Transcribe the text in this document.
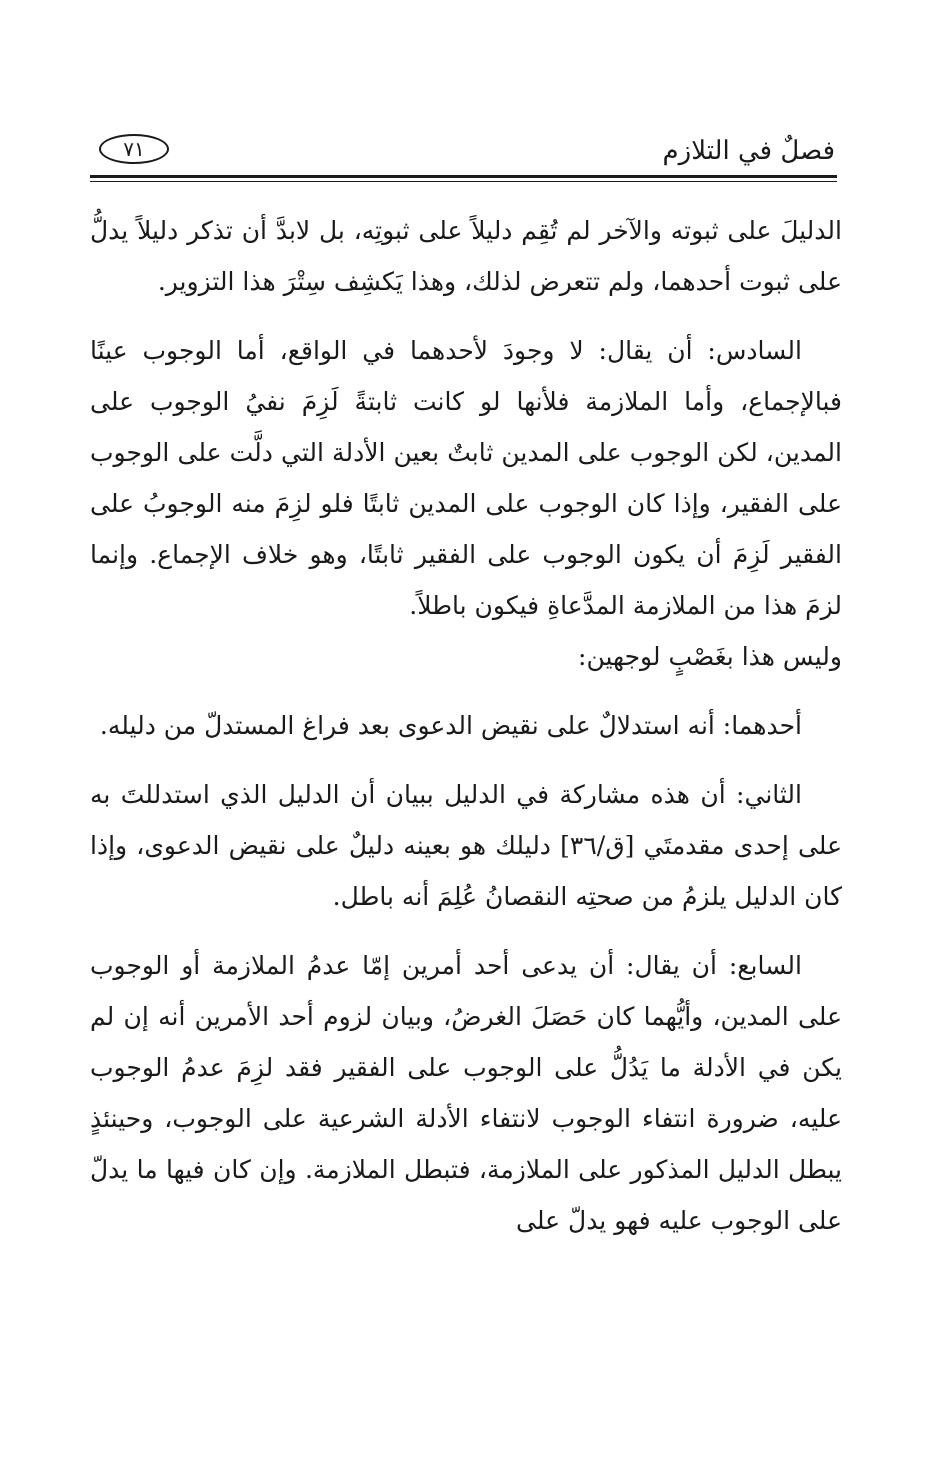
فصلٌ في التلازم
٧١

الدليلَ على ثبوته والآخر لم تُقِم دليلاً على ثبوتِه، بل لابدَّ أن تذكر دليلاً يدلُّ على ثبوت أحدهما، ولم تتعرض لذلك، وهذا يَكشِف سِتْرَ هذا التزوير.

السادس: أن يقال: لا وجودَ لأحدهما في الواقع، أما الوجوب عينًا فبالإجماع، وأما الملازمة فلأنها لو كانت ثابتةً لَزِمَ نفيُ الوجوب على المدين، لكن الوجوب على المدين ثابتٌ بعين الأدلة التي دلَّت على الوجوب على الفقير، وإذا كان الوجوب على المدين ثابتًا فلو لزِمَ منه الوجوبُ على الفقير لَزِمَ أن يكون الوجوب على الفقير ثابتًا، وهو خلاف الإجماع. وإنما لزمَ هذا من الملازمة المدَّعاةِ فيكون باطلاً.

وليس هذا بغَصْبٍ لوجهين:

أحدهما: أنه استدلالٌ على نقيض الدعوى بعد فراغ المستدلّ من دليله.

الثاني: أن هذه مشاركة في الدليل ببيان أن الدليل الذي استدللتَ به على إحدى مقدمتَي [ق/٣٦] دليلك هو بعينه دليلٌ على نقيض الدعوى، وإذا كان الدليل يلزمُ من صحتِه النقصانُ عُلِمَ أنه باطل.

السابع: أن يقال: أن يدعى أحد أمرين إمّا عدمُ الملازمة أو الوجوب على المدين، وأيُّهما كان حَصَلَ الغرضُ، وبيان لزوم أحد الأمرين أنه إن لم يكن في الأدلة ما يَدُلُّ على الوجوب على الفقير فقد لزِمَ عدمُ الوجوب عليه، ضرورة انتفاء الوجوب لانتفاء الأدلة الشرعية على الوجوب، وحينئذٍ يبطل الدليل المذكور على الملازمة، فتبطل الملازمة. وإن كان فيها ما يدلّ على الوجوب عليه فهو يدلّ على
